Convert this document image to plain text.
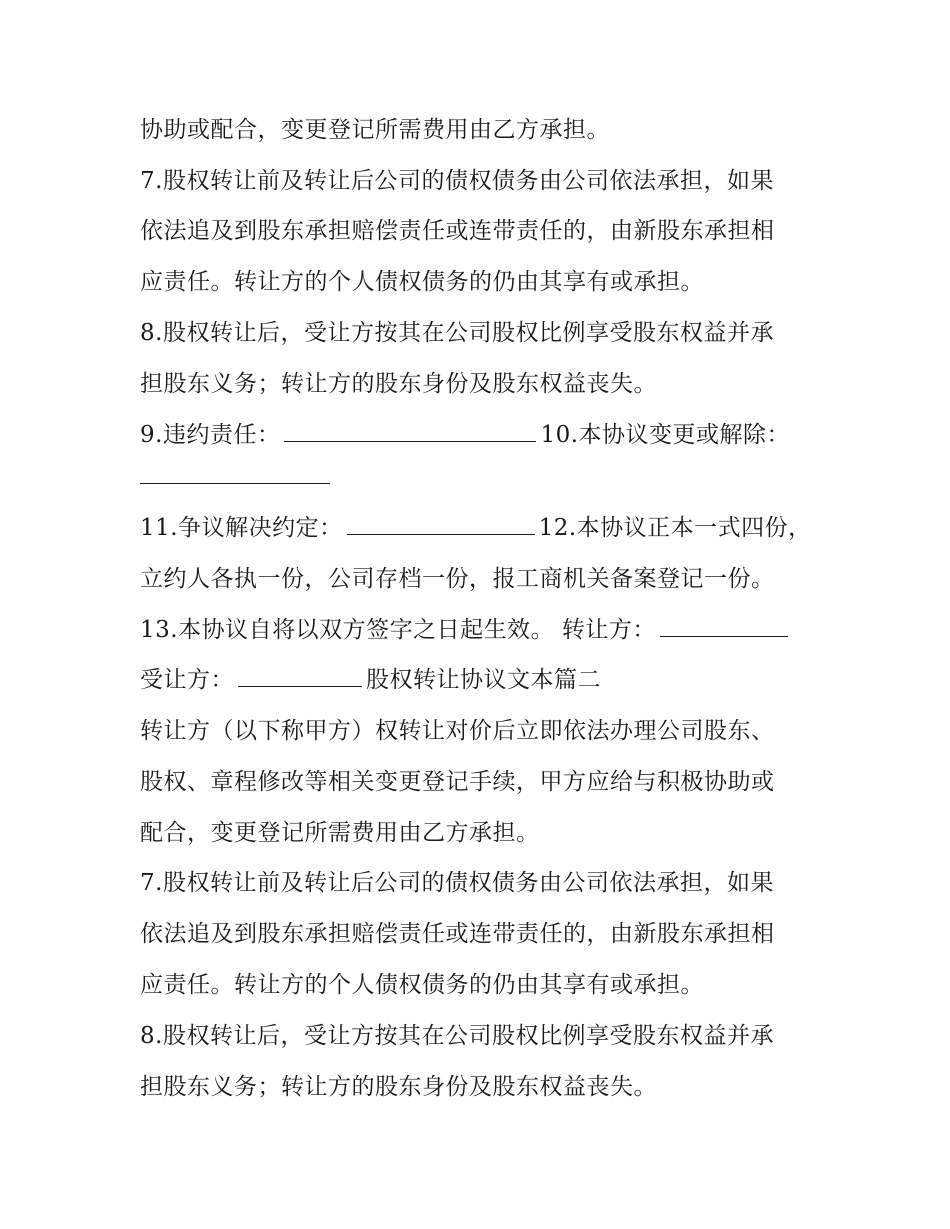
协助或配合，变更登记所需费用由乙方承担。
7.股权转让前及转让后公司的债权债务由公司依法承担，如果
依法追及到股东承担赔偿责任或连带责任的，由新股东承担相
应责任。转让方的个人债权债务的仍由其享有或承担。
8.股权转让后，受让方按其在公司股权比例享受股东权益并承
担股东义务；转让方的股东身份及股东权益丧失。
9.违约责任：	10.本协议变更或解除：
11.争议解决约定：	12.本协议正本一式四份，
立约人各执一份，公司存档一份，报工商机关备案登记一份。
13.本协议自将以双方签字之日起生效。 转让方：
受让方：	股权转让协议文本篇二
转让方（以下称甲方）权转让对价后立即依法办理公司股东、
股权、章程修改等相关变更登记手续，甲方应给与积极协助或
配合，变更登记所需费用由乙方承担。
7.股权转让前及转让后公司的债权债务由公司依法承担，如果
依法追及到股东承担赔偿责任或连带责任的，由新股东承担相
应责任。转让方的个人债权债务的仍由其享有或承担。
8.股权转让后，受让方按其在公司股权比例享受股东权益并承
担股东义务；转让方的股东身份及股东权益丧失。
